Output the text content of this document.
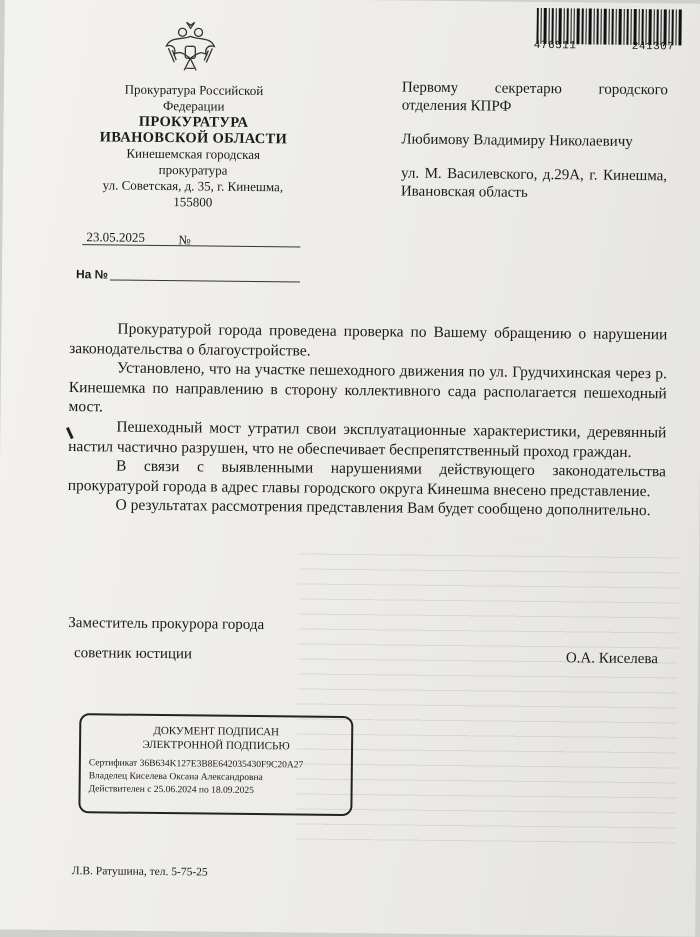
476511	241307
Прокуратура Российской
Федерации
ПРОКУРАТУРА
ИВАНОВСКОЙ ОБЛАСТИ
Кинешемская городская
прокуратура
ул. Советская, д. 35, г. Кинешма,
155800
23.05.2025	№
На №

Первому секретарю городского отделения КПРФ

Любимову Владимиру Николаевичу

ул. М. Василевского, д.29А, г. Кинешма, Ивановская область

Прокуратурой города проведена проверка по Вашему обращению о нарушении законодательства о благоустройстве.

Установлено, что на участке пешеходного движения по ул. Грудчихинская через р. Кинешемка по направлению в сторону коллективного сада располагается пешеходный мост.

Пешеходный мост утратил свои эксплуатационные характеристики, деревянный настил частично разрушен, что не обеспечивает беспрепятственный проход граждан.

В связи с выявленными нарушениями действующего законодательства прокуратурой города в адрес главы городского округа Кинешма внесено представление.

О результатах рассмотрения представления Вам будет сообщено дополнительно.

Заместитель прокурора города
советник юстиции	О.А. Киселева
ДОКУМЕНТ ПОДПИСАН
ЭЛЕКТРОННОЙ ПОДПИСЬЮ
Сертификат 36B634K127E3B8E642035430F9C20A27
Владелец Киселева Оксана Александровна
Действителен с 25.06.2024 по 18.09.2025
Л.В. Ратушина, тел. 5-75-25
